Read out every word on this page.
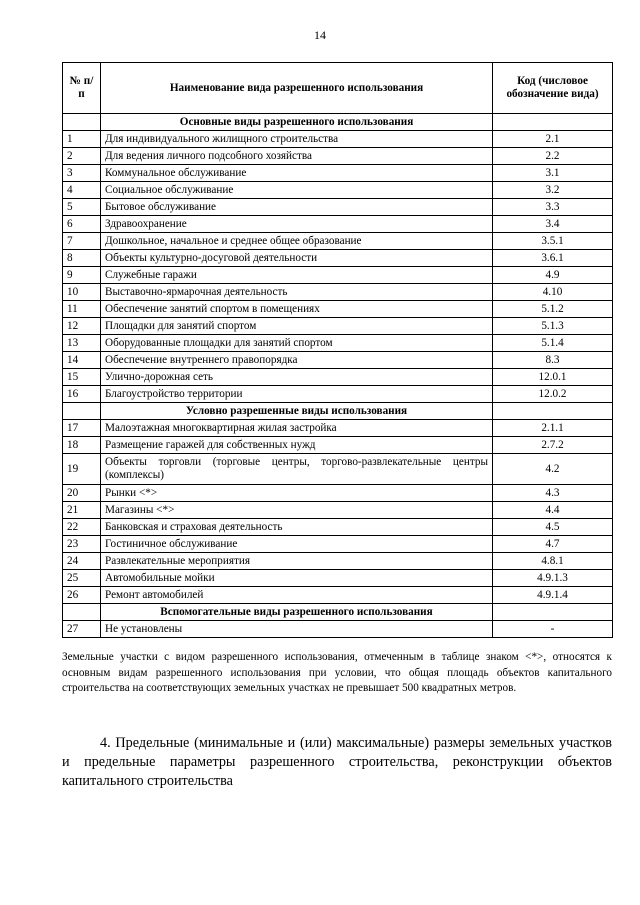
14
№ п/п	Наименование вида разрешенного использования	Код (числовое обозначение вида)
	Основные виды разрешенного использования	
1	Для индивидуального жилищного строительства	2.1
2	Для ведения личного подсобного хозяйства	2.2
3	Коммунальное обслуживание	3.1
4	Социальное обслуживание	3.2
5	Бытовое обслуживание	3.3
6	Здравоохранение	3.4
7	Дошкольное, начальное и среднее общее образование	3.5.1
8	Объекты культурно-досуговой деятельности	3.6.1
9	Служебные гаражи	4.9
10	Выставочно-ярмарочная деятельность	4.10
11	Обеспечение занятий спортом в помещениях	5.1.2
12	Площадки для занятий спортом	5.1.3
13	Оборудованные площадки для занятий спортом	5.1.4
14	Обеспечение внутреннего правопорядка	8.3
15	Улично-дорожная сеть	12.0.1
16	Благоустройство территории	12.0.2
	Условно разрешенные виды использования	
17	Малоэтажная многоквартирная жилая застройка	2.1.1
18	Размещение гаражей для собственных нужд	2.7.2
19	Объекты торговли (торговые центры, торгово-развлекательные центры (комплексы)	4.2
20	Рынки <*>	4.3
21	Магазины <*>	4.4
22	Банковская и страховая деятельность	4.5
23	Гостиничное обслуживание	4.7
24	Развлекательные мероприятия	4.8.1
25	Автомобильные мойки	4.9.1.3
26	Ремонт автомобилей	4.9.1.4
	Вспомогательные виды разрешенного использования	
27	Не установлены	-
Земельные участки с видом разрешенного использования, отмеченным в таблице знаком <*>, относятся к основным видам разрешенного использования при условии, что общая площадь объектов капитального строительства на соответствующих земельных участках не превышает 500 квадратных метров.
4. Предельные (минимальные и (или) максимальные) размеры земельных участков и предельные параметры разрешенного строительства, реконструкции объектов капитального строительства
